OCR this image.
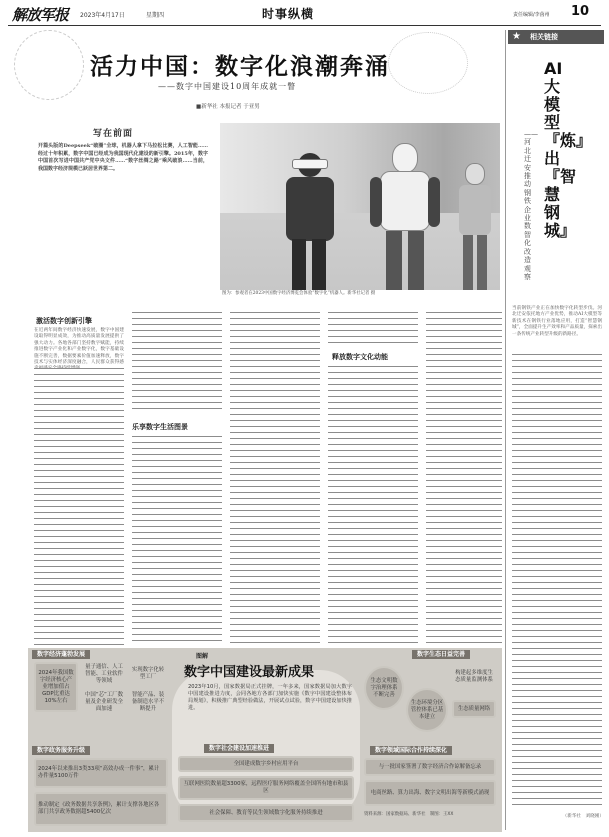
解放军报 2023年4月17日	星期四	时事纵横	责任编辑/李茵州 10
活力中国：数字化浪潮奔涌
——数字中国建设10周年成就一瞥
■新华社 本报记者 于亚男
写在前面
开篇头版的Deepseek“破圈”全球，机器人拿下马拉松比赛，人工智能……经过十年积累，数字中国已经成为我国现代化建设的新引擎。2015年，数字中国首次写进中国共产党中央文件……“数字丝绸之路”乘风破浪……当前，我国数字经济规模已跃居世界第二。
图为：参观者在2023中国数字经济博览会体验“数字化”机器人。新华社记者 摄
激活数字创新引擎
在近两年间数字经济快速发展，数字中国建设取得明显成效，为推动高质量发展提供了强大动力。各地各部门坚持数字赋能，持续推进数字产业化和产业数字化，数字基础设施不断完善，数据要素价值加速释放，数字技术与实体经济深度融合，人民群众获得感
乐享数字生活图景
释放数字文化动能
★ 相关链接
AI大模型『炼』出『智慧钢城』
——河北迁安推动钢铁企业数智化改造观察
当前钢铁产业正在加快数字化转型步伐。河北迁安依托地方产业优势，推动AI大模型等新技术在钢铁行业落地应用，打造“智慧钢城”，全面提升生产效率和产品质量，探索出一条传统产业转型升级的新路径。
（新华社　刘晓刚）
图解
数字中国建设最新成果
2023年10月，国家数据局正式挂牌，一年多来，国家数据局加大数字中国建设推进力度，会同各地方各部门加快实施《数字中国建设整体布局规划》，积极推广典型经验做法，开展试点试验，数字中国建设加快推进。
数字经济蓬勃发展
2024年我国数字经济核心产业增加值占GDP比重达10%左右
量子通信、人工智能、工业软件等领域
中国“芯”工厂数量及企业研发全面加速
实现数字化转型工厂
智能产品、装备制造水平不断提升
数字生态日益完善
生态文明数字治理体系不断完善
生态环境分区管控体系已基本建立
构建起多维度生态质量监测体系
生态质量网络
数字政务服务升级
2024年以来推出3类33项“高效办成一件事”，累计办件量5100万件
推动制定《政务数据共享条例》，累计支撑各地区各部门共享政务数据超5400亿次
数字社会建设加速推进
全国建成数字乡村应用平台
互联网医院数量超3300家，远程医疗服务网络覆盖全国所有地市和县区
社会保障、教育等民生领域数字化服务持续推进
数字领域国际合作持续深化
与一批国家签署了数字经济合作谅解备忘录
电商丝路、算力出海、数字文明出海等新模式涌现
资料来源：国家数据局、新华社　制图：王XX
